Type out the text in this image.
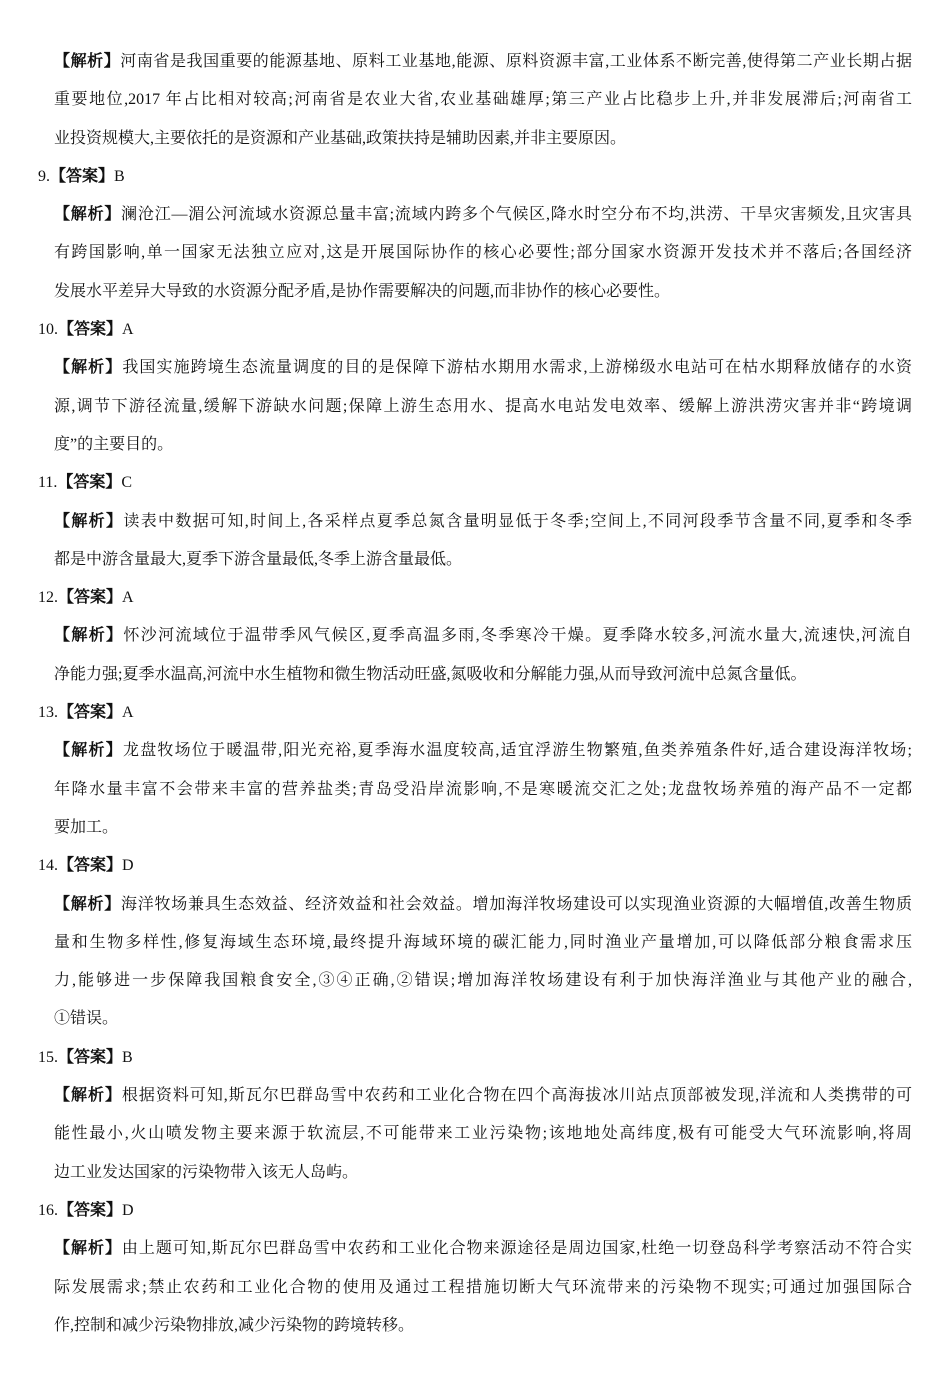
【解析】河南省是我国重要的能源基地、原料工业基地,能源、原料资源丰富,工业体系不断完善,使得第二产业长期占据
重要地位,2017 年占比相对较高;河南省是农业大省,农业基础雄厚;第三产业占比稳步上升,并非发展滞后;河南省工
业投资规模大,主要依托的是资源和产业基础,政策扶持是辅助因素,并非主要原因。
9.【答案】B
【解析】澜沧江—湄公河流域水资源总量丰富;流域内跨多个气候区,降水时空分布不均,洪涝、干旱灾害频发,且灾害具
有跨国影响,单一国家无法独立应对,这是开展国际协作的核心必要性;部分国家水资源开发技术并不落后;各国经济
发展水平差异大导致的水资源分配矛盾,是协作需要解决的问题,而非协作的核心必要性。
10.【答案】A
【解析】我国实施跨境生态流量调度的目的是保障下游枯水期用水需求,上游梯级水电站可在枯水期释放储存的水资
源,调节下游径流量,缓解下游缺水问题;保障上游生态用水、提高水电站发电效率、缓解上游洪涝灾害并非“跨境调
度”的主要目的。
11.【答案】C
【解析】读表中数据可知,时间上,各采样点夏季总氮含量明显低于冬季;空间上,不同河段季节含量不同,夏季和冬季
都是中游含量最大,夏季下游含量最低,冬季上游含量最低。
12.【答案】A
【解析】怀沙河流域位于温带季风气候区,夏季高温多雨,冬季寒冷干燥。夏季降水较多,河流水量大,流速快,河流自
净能力强;夏季水温高,河流中水生植物和微生物活动旺盛,氮吸收和分解能力强,从而导致河流中总氮含量低。
13.【答案】A
【解析】龙盘牧场位于暖温带,阳光充裕,夏季海水温度较高,适宜浮游生物繁殖,鱼类养殖条件好,适合建设海洋牧场;
年降水量丰富不会带来丰富的营养盐类;青岛受沿岸流影响,不是寒暖流交汇之处;龙盘牧场养殖的海产品不一定都
要加工。
14.【答案】D
【解析】海洋牧场兼具生态效益、经济效益和社会效益。增加海洋牧场建设可以实现渔业资源的大幅增值,改善生物质
量和生物多样性,修复海域生态环境,最终提升海域环境的碳汇能力,同时渔业产量增加,可以降低部分粮食需求压
力,能够进一步保障我国粮食安全,③④正确,②错误;增加海洋牧场建设有利于加快海洋渔业与其他产业的融合,
①错误。
15.【答案】B
【解析】根据资料可知,斯瓦尔巴群岛雪中农药和工业化合物在四个高海拔冰川站点顶部被发现,洋流和人类携带的可
能性最小,火山喷发物主要来源于软流层,不可能带来工业污染物;该地地处高纬度,极有可能受大气环流影响,将周
边工业发达国家的污染物带入该无人岛屿。
16.【答案】D
【解析】由上题可知,斯瓦尔巴群岛雪中农药和工业化合物来源途径是周边国家,杜绝一切登岛科学考察活动不符合实
际发展需求;禁止农药和工业化合物的使用及通过工程措施切断大气环流带来的污染物不现实;可通过加强国际合
作,控制和减少污染物排放,减少污染物的跨境转移。
